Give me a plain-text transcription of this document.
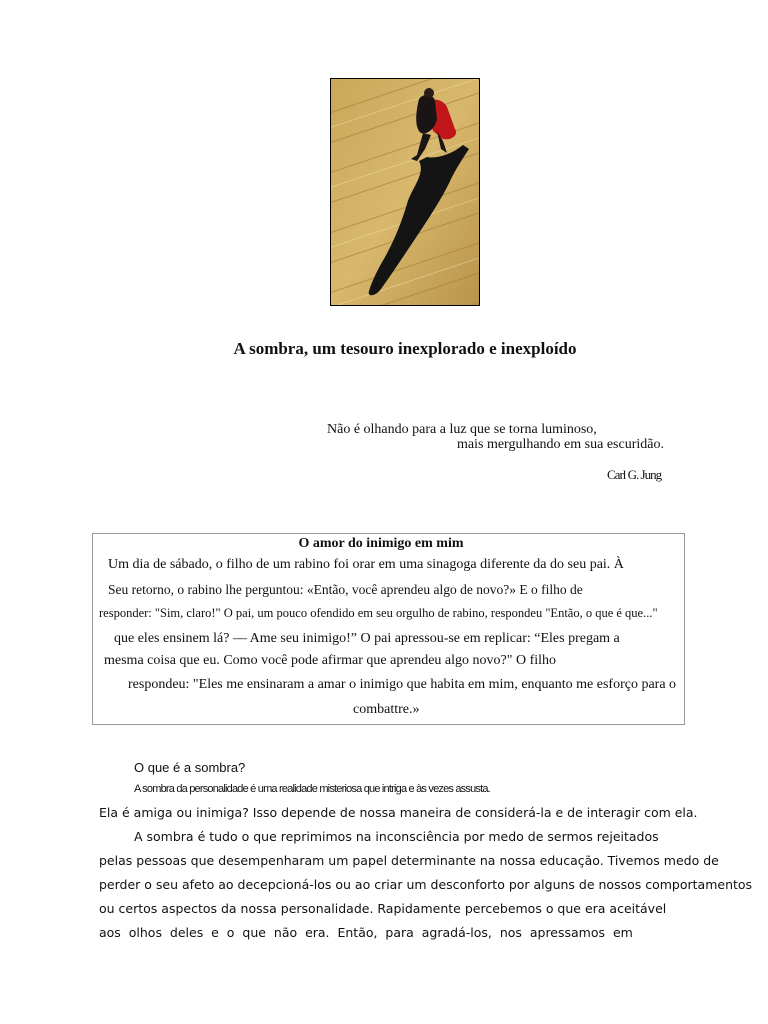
A sombra, um tesouro inexplorado e inexploído
Não é olhando para a luz que se torna luminoso,
mais mergulhando em sua escuridão.
Carl G. Jung
O amor do inimigo em mim
Um dia de sábado, o filho de um rabino foi orar em uma sinagoga diferente da do seu pai. À
Seu retorno, o rabino lhe perguntou: «Então, você aprendeu algo de novo?» E o filho de
responder: "Sim, claro!" O pai, um pouco ofendido em seu orgulho de rabino, respondeu "Então, o que é que..."
que eles ensinem lá? — Ame seu inimigo!” O pai apressou-se em replicar: “Eles pregam a
mesma coisa que eu. Como você pode afirmar que aprendeu algo novo?" O filho
respondeu: "Eles me ensinaram a amar o inimigo que habita em mim, enquanto me esforço para o
combattre.»
O que é a sombra?
A sombra da personalidade é uma realidade misteriosa que intriga e às vezes assusta.
Ela é amiga ou inimiga? Isso depende de nossa maneira de considerá-la e de interagir com ela.
A sombra é tudo o que reprimimos na inconsciência por medo de sermos rejeitados
pelas pessoas que desempenharam um papel determinante na nossa educação. Tivemos medo de
perder o seu afeto ao decepcioná-los ou ao criar um desconforto por alguns de nossos comportamentos
ou certos aspectos da nossa personalidade. Rapidamente percebemos o que era aceitável
aos  olhos  deles  e  o  que  não  era.  Então,  para  agradá-los,  nos  apressamos  em
